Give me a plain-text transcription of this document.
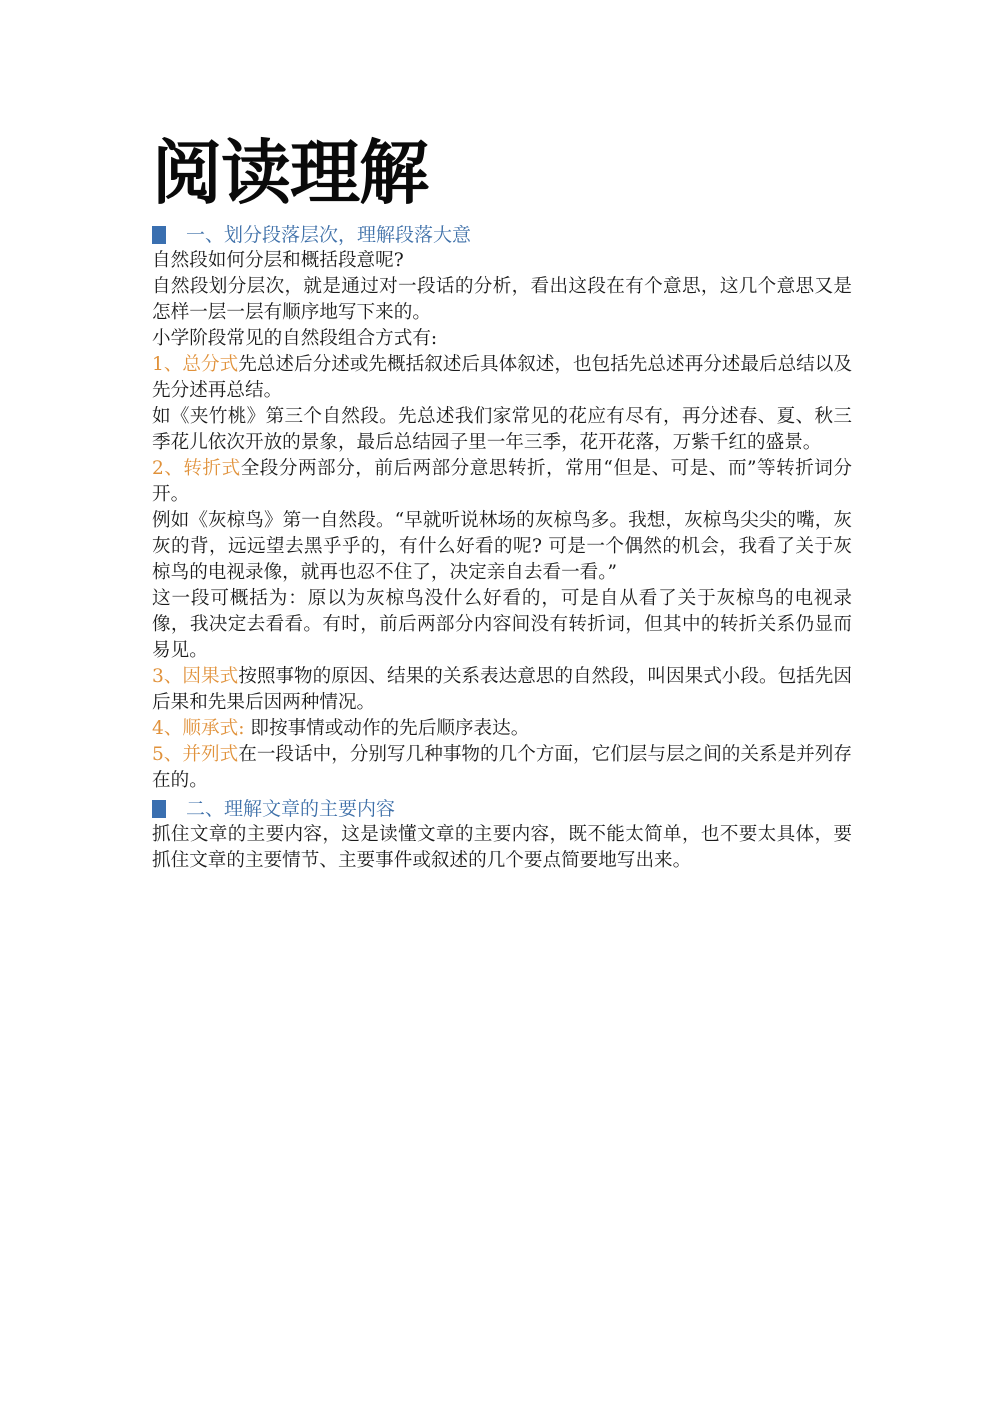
阅读理解
一、划分段落层次，理解段落大意

自然段如何分层和概括段意呢?

自然段划分层次，就是通过对一段话的分析，看出这段在有个意思，这几个意思又是怎样一层一层有顺序地写下来的。

小学阶段常见的自然段组合方式有:

1、总分式先总述后分述或先概括叙述后具体叙述，也包括先总述再分述最后总结以及先分述再总结。

如《夹竹桃》第三个自然段。先总述我们家常见的花应有尽有，再分述春、夏、秋三季花儿依次开放的景象，最后总结园子里一年三季，花开花落，万紫千红的盛景。

2、转折式全段分两部分，前后两部分意思转折，常用“但是、可是、而”等转折词分开。

例如《灰椋鸟》第一自然段。“早就听说林场的灰椋鸟多。我想，灰椋鸟尖尖的嘴，灰灰的背，远远望去黑乎乎的，有什么好看的呢? 可是一个偶然的机会，我看了关于灰椋鸟的电视录像，就再也忍不住了，决定亲自去看一看。”

这一段可概括为：原以为灰椋鸟没什么好看的，可是自从看了关于灰椋鸟的电视录像，我决定去看看。有时，前后两部分内容间没有转折词，但其中的转折关系仍显而易见。

3、因果式按照事物的原因、结果的关系表达意思的自然段，叫因果式小段。包括先因后果和先果后因两种情况。

4、顺承式: 即按事情或动作的先后顺序表达。

5、并列式在一段话中，分别写几种事物的几个方面，它们层与层之间的关系是并列存在的。

二、理解文章的主要内容

抓住文章的主要内容，这是读懂文章的主要内容，既不能太简单，也不要太具体，要抓住文章的主要情节、主要事件或叙述的几个要点简要地写出来。
